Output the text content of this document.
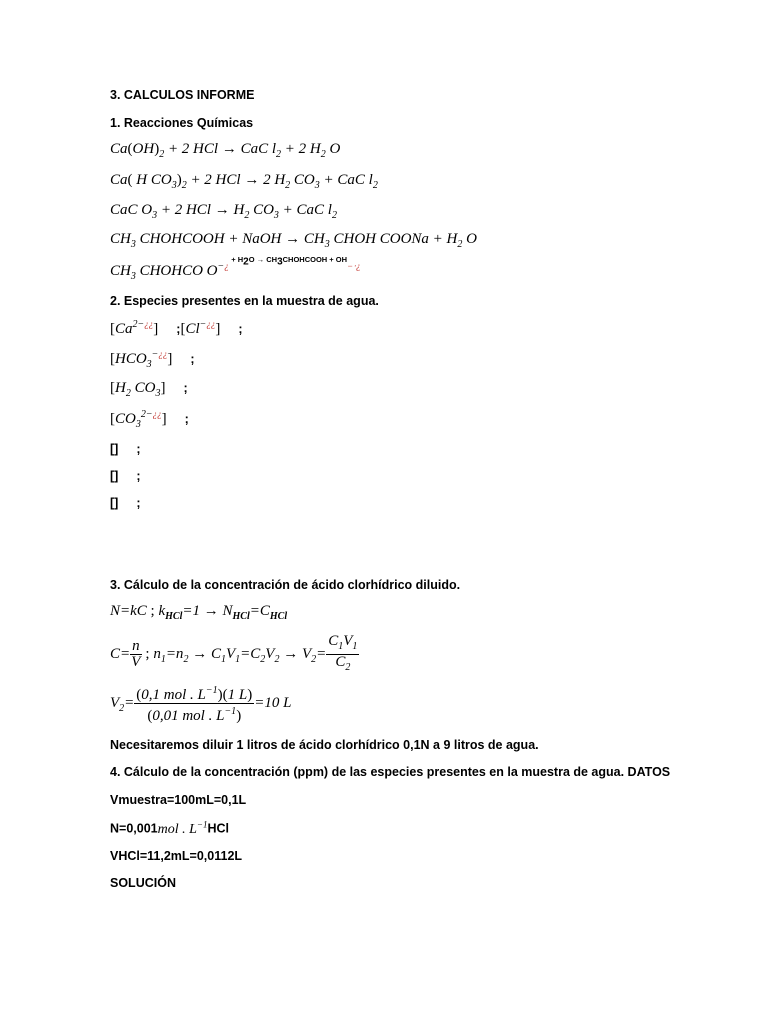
3. CALCULOS INFORME
1. Reacciones Químicas
$Ca(OH)_2 + 2$ HCl → CaC $l_2 + 2$ $H_2$ O
Ca( H $CO_3)_2 + 2$ HCl → 2 $H_2$ $CO_3$ + CaC $l_2$
CaC $O_3 + 2$ HCl → $H_2$ $CO_3$ + CaC $l_2$
$CH_3$ CHOHCOOH + NaOH → $CH_3$ CHOH COONa + $H_2$ O
$CH_3$ CHOHCO $O^{-¿ ^{+ H_2O \to CH_3CHOHCOOH + OH}-\cdot¿}$
2. Especies presentes en la muestra de agua.
$[Ca^{2-¿¿}]$ ;[Cl−¿¿] ;
$[HCO_3^{-¿¿}]$ ;
[$H_2$ $CO_3$] ;
$[CO_3^{2-¿¿}]$ ;
[] ;
[] ;
[] ;
3. Cálculo de la concentración de ácido clorhídrico diluido.
N=kC ; $k_{HCl}=1 \to N_{HCl}=C_{HCl}$
$C= \frac{n}{V}$ ; $n_1=n_2 \to C_1V_1=C_2V_2 \to V_2= \frac{C_1V_1}{C_2}$
$V_2= \frac{(0,1 mol . L^{-1})(1 L)}{(0,01 mol . L^{-1})} =10$ L
Necesitaremos diluir 1 litros de ácido clorhídrico 0,1N a 9 litros de agua.
4. Cálculo de la concentración (ppm) de las especies presentes en la muestra de agua. DATOS
Vmuestra=100mL=0,1L
N=0,001mol . $L^{-1}HCl$
VHCl=11,2mL=0,0112L
SOLUCIÓN
